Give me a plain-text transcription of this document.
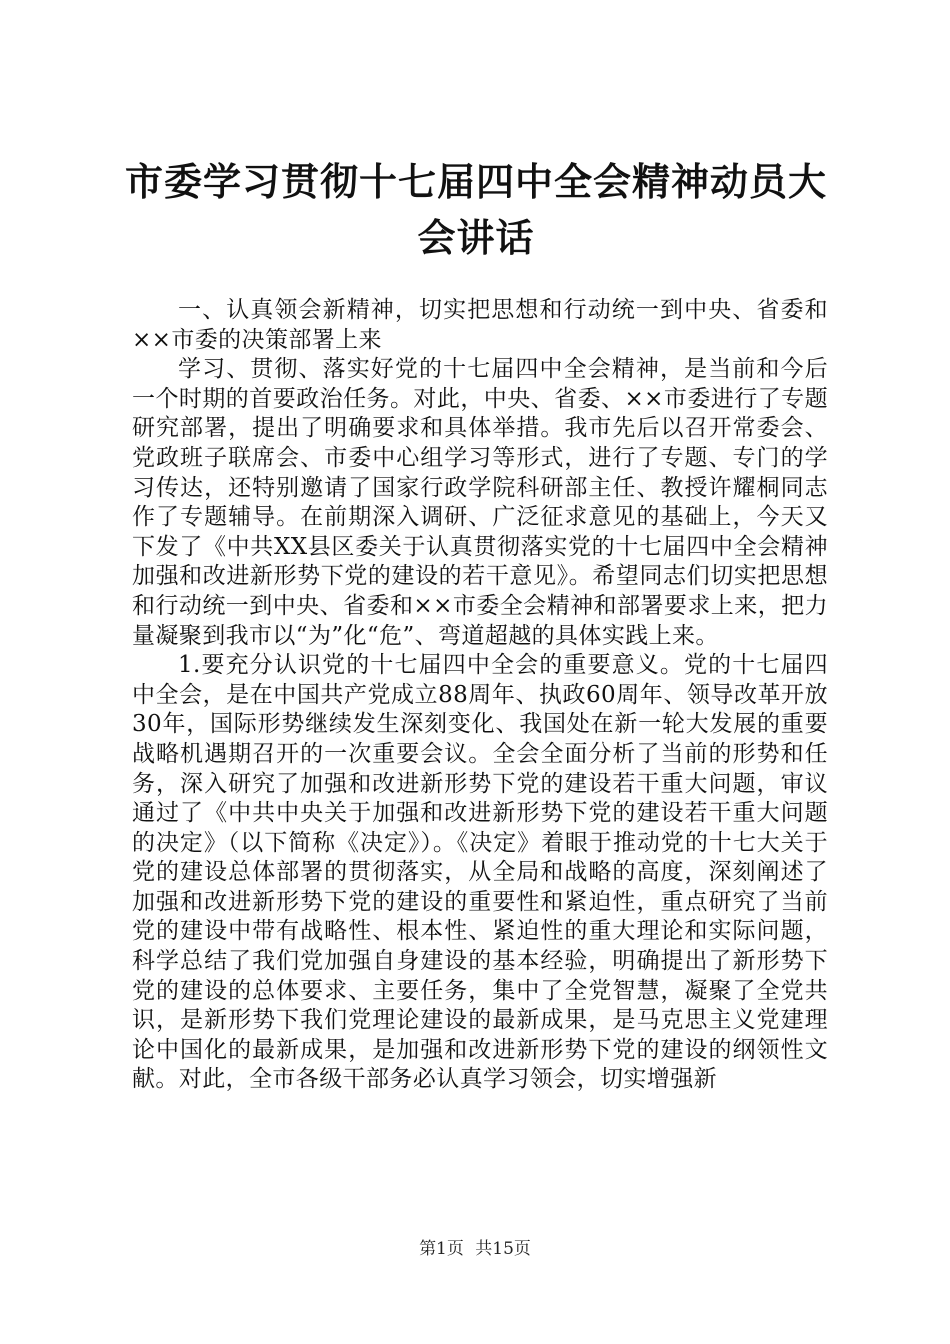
市委学习贯彻十七届四中全会精神动员大会讲话

一、认真领会新精神，切实把思想和行动统一到中央、省委和××市委的决策部署上来

学习、贯彻、落实好党的十七届四中全会精神，是当前和今后一个时期的首要政治任务。对此，中央、省委、××市委进行了专题研究部署，提出了明确要求和具体举措。我市先后以召开常委会、党政班子联席会、市委中心组学习等形式，进行了专题、专门的学习传达，还特别邀请了国家行政学院科研部主任、教授许耀桐同志作了专题辅导。在前期深入调研、广泛征求意见的基础上，今天又下发了《中共XX县区委关于认真贯彻落实党的十七届四中全会精神加强和改进新形势下党的建设的若干意见》。希望同志们切实把思想和行动统一到中央、省委和××市委全会精神和部署要求上来，把力量凝聚到我市以“为”化“危”、弯道超越的具体实践上来。

1.要充分认识党的十七届四中全会的重要意义。党的十七届四中全会，是在中国共产党成立88周年、执政60周年、领导改革开放30年，国际形势继续发生深刻变化、我国处在新一轮大发展的重要战略机遇期召开的一次重要会议。全会全面分析了当前的形势和任务，深入研究了加强和改进新形势下党的建设若干重大问题，审议通过了《中共中央关于加强和改进新形势下党的建设若干重大问题的决定》（以下简称《决定》）。《决定》着眼于推动党的十七大关于党的建设总体部署的贯彻落实，从全局和战略的高度，深刻阐述了加强和改进新形势下党的建设的重要性和紧迫性，重点研究了当前党的建设中带有战略性、根本性、紧迫性的重大理论和实际问题，科学总结了我们党加强自身建设的基本经验，明确提出了新形势下党的建设的总体要求、主要任务，集中了全党智慧，凝聚了全党共识，是新形势下我们党理论建设的最新成果，是马克思主义党建理论中国化的最新成果，是加强和改进新形势下党的建设的纲领性文献。对此，全市各级干部务必认真学习领会，切实增强新

第1页 共15页
